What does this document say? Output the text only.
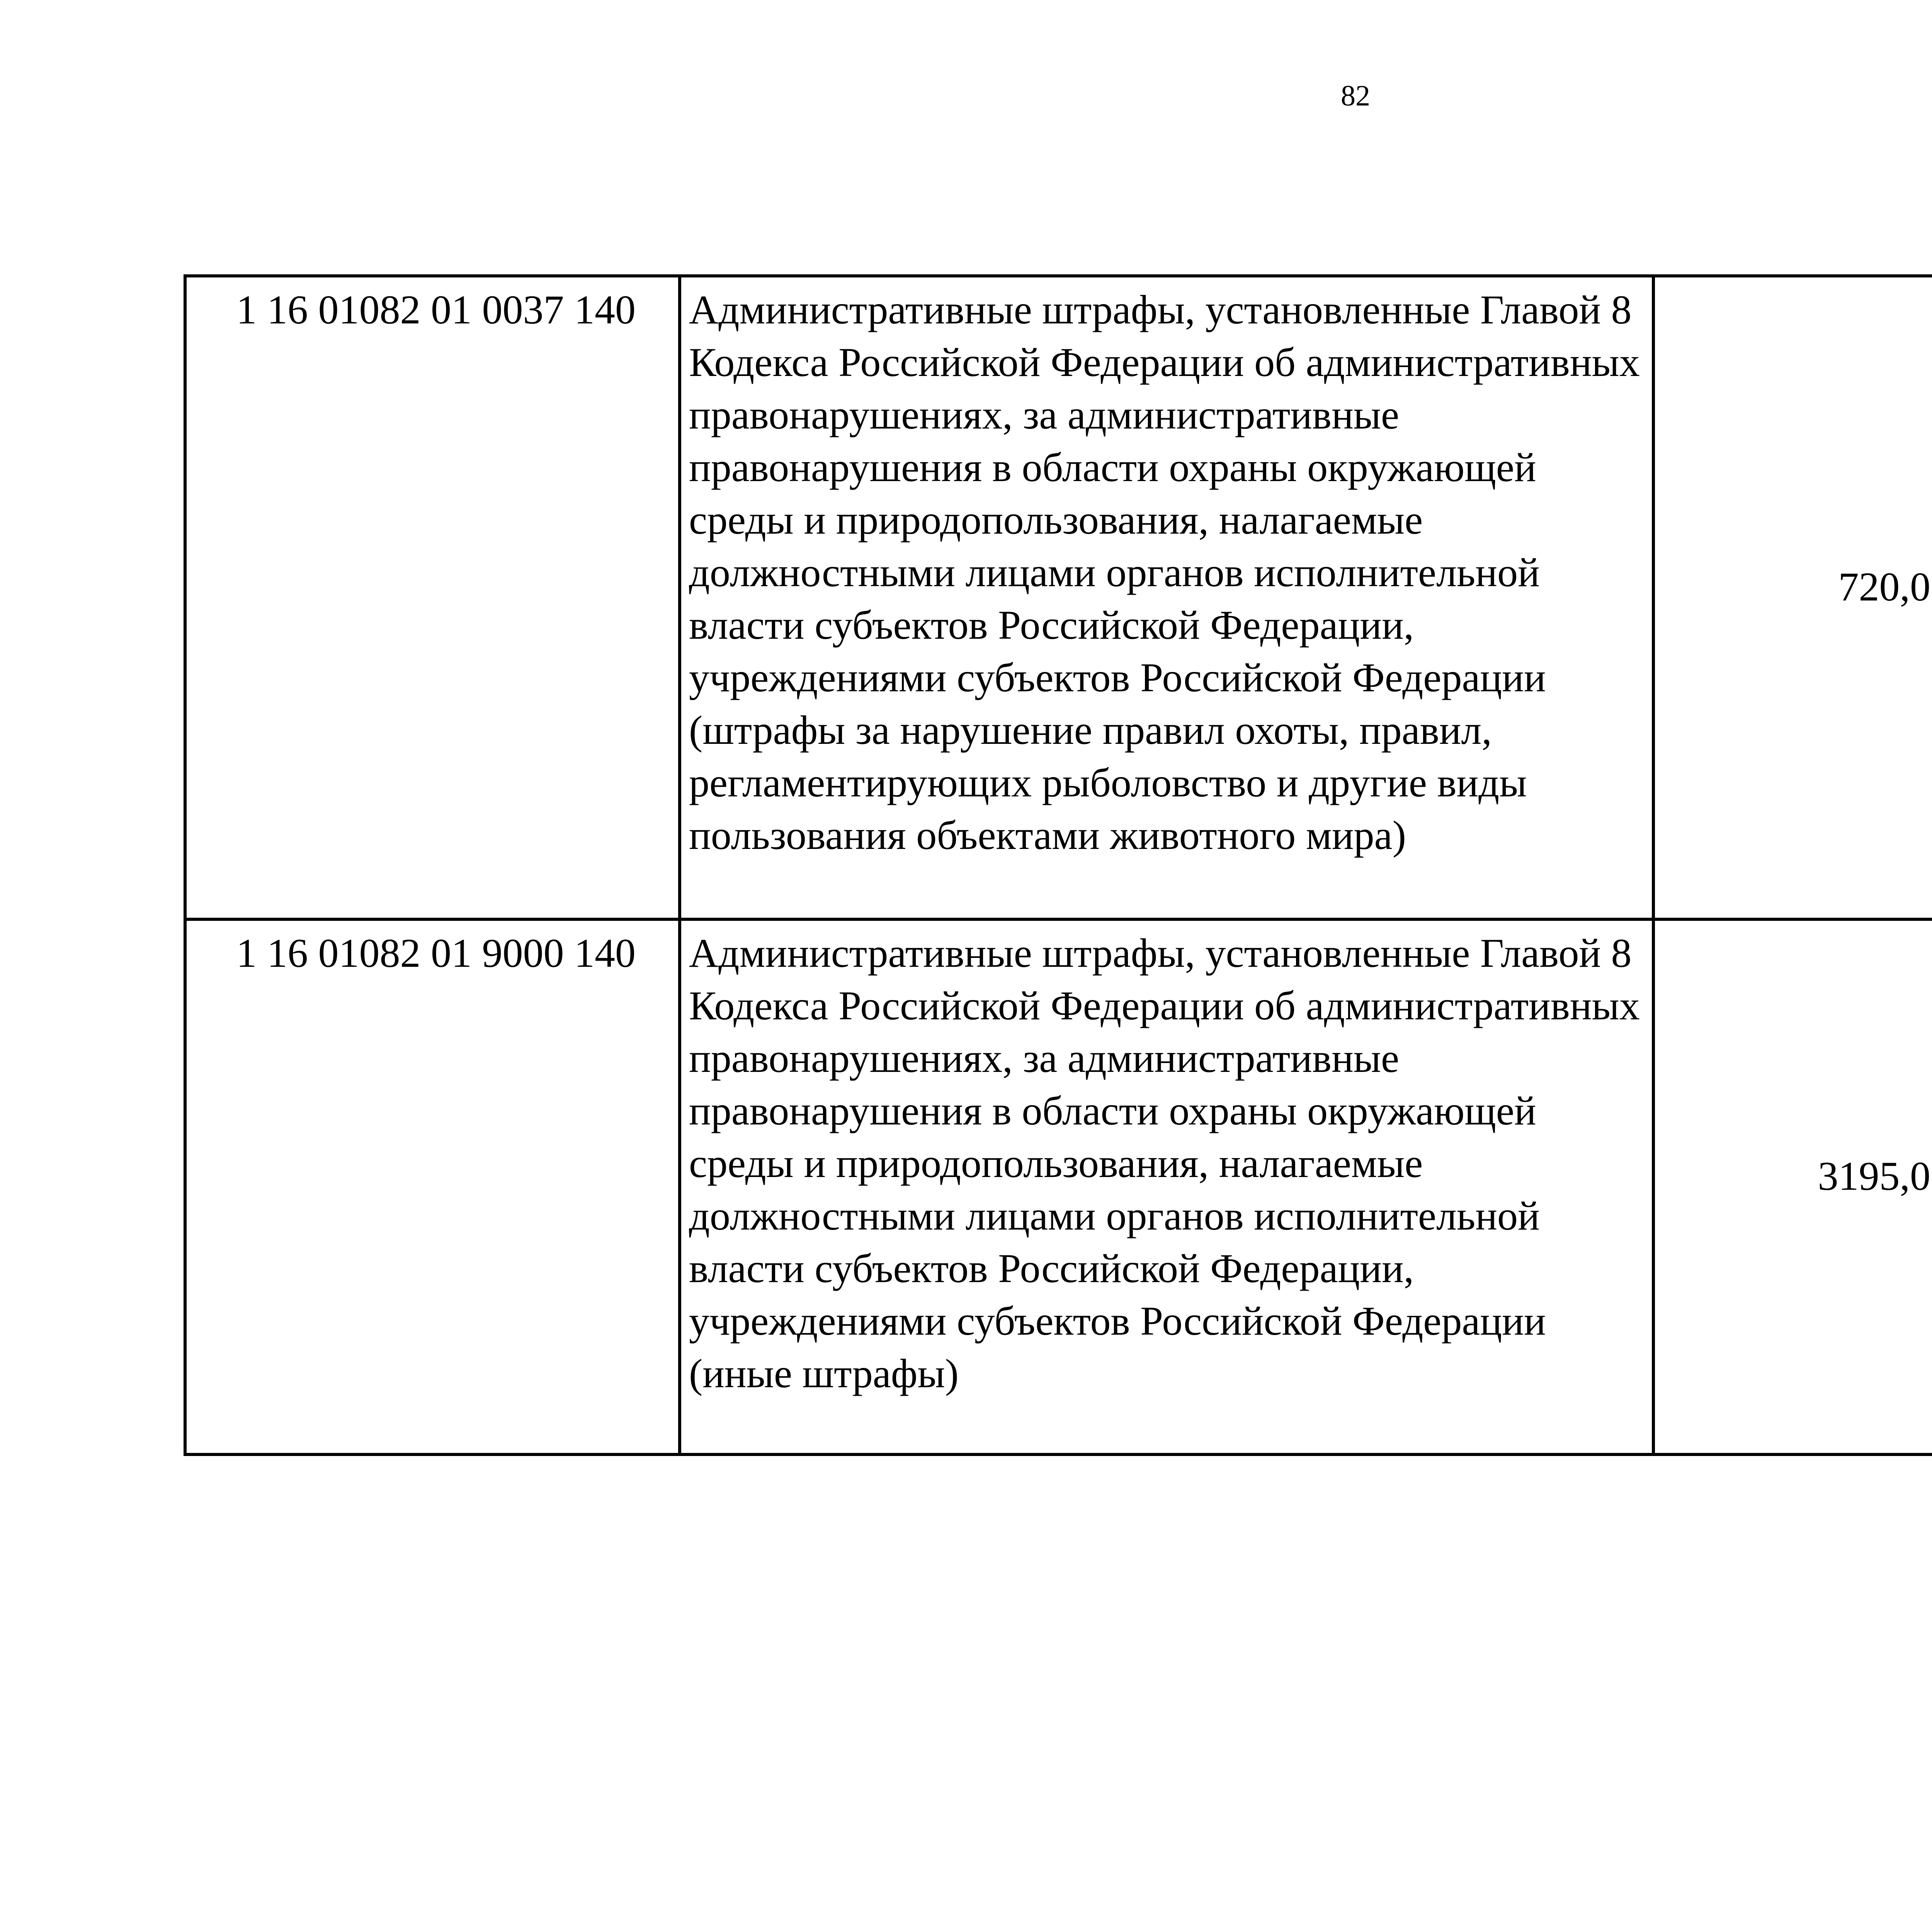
82
1 16 01082 01 0037 140	Административные штрафы, установленные Главой 8 Кодекса Российской Федерации об административных правонарушениях, за административные правонарушения в области охраны окружающей среды и природопользования, налагаемые должностными лицами органов исполнительной власти субъектов Российской Федерации, учреждениями субъектов Российской Федерации (штрафы за нарушение правил охоты, правил, регламентирующих рыболовство и другие виды пользования объектами животного мира)	720,0

1 16 01082 01 9000 140	Административные штрафы, установленные Главой 8 Кодекса Российской Федерации об административных правонарушениях, за административные правонарушения в области охраны окружающей среды и природопользования, налагаемые должностными лицами органов исполнительной власти субъектов Российской Федерации, учреждениями субъектов Российской Федерации (иные штрафы)	3195,0
